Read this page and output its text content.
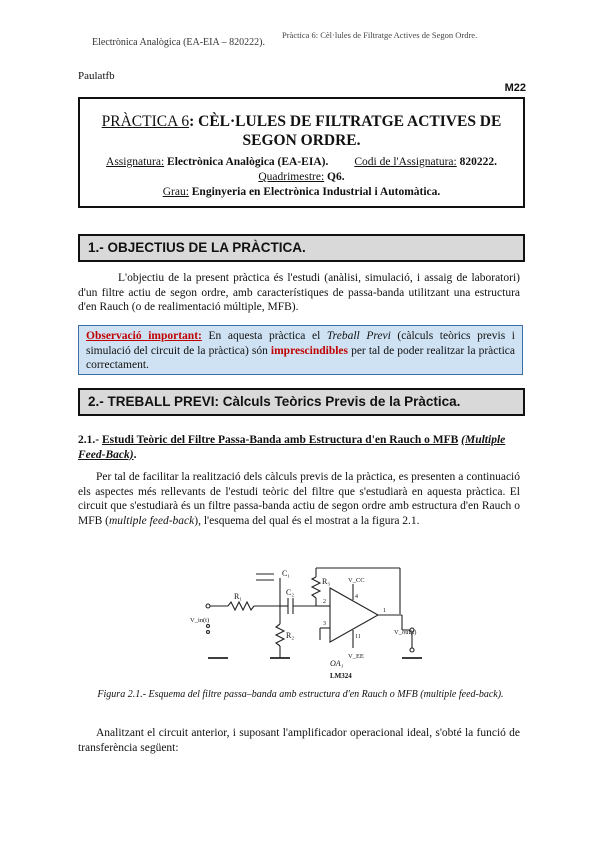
Electrònica Analògica (EA-EIA – 820222).
Pràctica 6: Cèl·lules de Filtratge Actives de Segon Ordre.
Paulatfb
M22
PRÀCTICA 6: CÈL·LULES DE FILTRATGE ACTIVES DE SEGON ORDRE.
Assignatura: Electrònica Analògica (EA-EIA). Codi de l'Assignatura: 820222.
Quadrimestre: Q6.
Grau: Enginyeria en Electrònica Industrial i Automàtica.
1.- OBJECTIUS DE LA PRÀCTICA.
L'objectiu de la present pràctica és l'estudi (anàlisi, simulació, i assaig de laboratori) d'un filtre actiu de segon ordre, amb característiques de passa-banda utilitzant una estructura d'en Rauch (o de realimentació múltiple, MFB).
Observació important: En aquesta pràctica el Treball Previ (càlculs teòrics previs i simulació del circuit de la pràctica) són imprescindibles per tal de poder realitzar la pràctica correctament.
2.- TREBALL PREVI: Càlculs Teòrics Previs de la Pràctica.
2.1.- Estudi Teòric del Filtre Passa-Banda amb Estructura d'en Rauch o MFB (Multiple Feed-Back).
Per tal de facilitar la realització dels càlculs previs de la pràctica, es presenten a continuació els aspectes més rellevants de l'estudi teòric del filtre que s'estudiarà en aquesta pràctica. El circuit que s'estudiarà és un filtre passa-banda actiu de segon ordre amb estructura d'en Rauch o MFB (multiple feed-back), l'esquema del qual és el mostrat a la figura 2.1.
C₁
C₂
R₁
R₂
R₃
V_in(t)
V_out(t)
V_CC
V_EE
OA₁
LM324
1
2
3
4
11
Figura 2.1.- Esquema del filtre passa–banda amb estructura d'en Rauch o MFB (multiple feed-back).
Analitzant el circuit anterior, i suposant l'amplificador operacional ideal, s'obté la funció de transferència següent:
